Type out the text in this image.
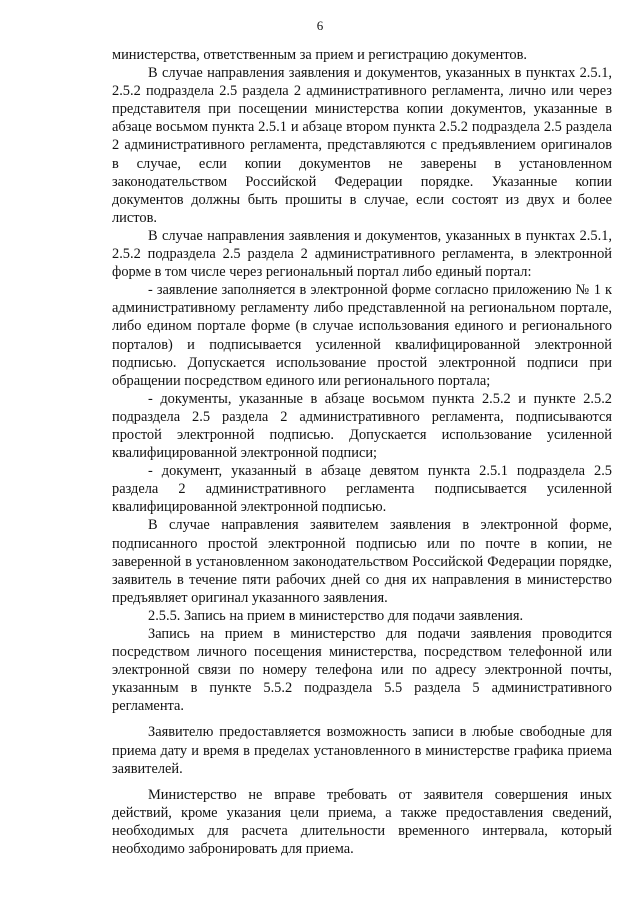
6

министерства, ответственным за прием и регистрацию документов.

В случае направления заявления и документов, указанных в пунктах 2.5.1, 2.5.2 подраздела 2.5 раздела 2 административного регламента, лично или через представителя при посещении министерства копии документов, указанные в абзаце восьмом пункта 2.5.1 и абзаце втором пункта 2.5.2 подраздела 2.5 раздела 2 административного регламента, представляются с предъявлением оригиналов в случае, если копии документов не заверены в установленном законодательством Российской Федерации порядке. Указанные копии документов должны быть прошиты в случае, если состоят из двух и более листов.

В случае направления заявления и документов, указанных в пунктах 2.5.1, 2.5.2 подраздела 2.5 раздела 2 административного регламента, в электронной форме в том числе через региональный портал либо единый портал:

- заявление заполняется в электронной форме согласно приложению № 1 к административному регламенту либо представленной на региональном портале, либо едином портале форме (в случае использования единого и регионального порталов) и подписывается усиленной квалифицированной электронной подписью. Допускается использование простой электронной подписи при обращении посредством единого или регионального портала;

- документы, указанные в абзаце восьмом пункта 2.5.2 и пункте 2.5.2 подраздела 2.5 раздела 2 административного регламента, подписываются простой электронной подписью. Допускается использование усиленной квалифицированной электронной подписи;

- документ, указанный в абзаце девятом пункта 2.5.1 подраздела 2.5 раздела 2 административного регламента подписывается усиленной квалифицированной электронной подписью.

В случае направления заявителем заявления в электронной форме, подписанного простой электронной подписью или по почте в копии, не заверенной в установленном законодательством Российской Федерации порядке, заявитель в течение пяти рабочих дней со дня их направления в министерство предъявляет оригинал указанного заявления.

2.5.5. Запись на прием в министерство для подачи заявления.

Запись на прием в министерство для подачи заявления проводится посредством личного посещения министерства, посредством телефонной или электронной связи по номеру телефона или по адресу электронной почты, указанным в пункте 5.5.2 подраздела 5.5 раздела 5 административного регламента.

Заявителю предоставляется возможность записи в любые свободные для приема дату и время в пределах установленного в министерстве графика приема заявителей.

Министерство не вправе требовать от заявителя совершения иных действий, кроме указания цели приема, а также предоставления сведений, необходимых для расчета длительности временного интервала, который необходимо забронировать для приема.
